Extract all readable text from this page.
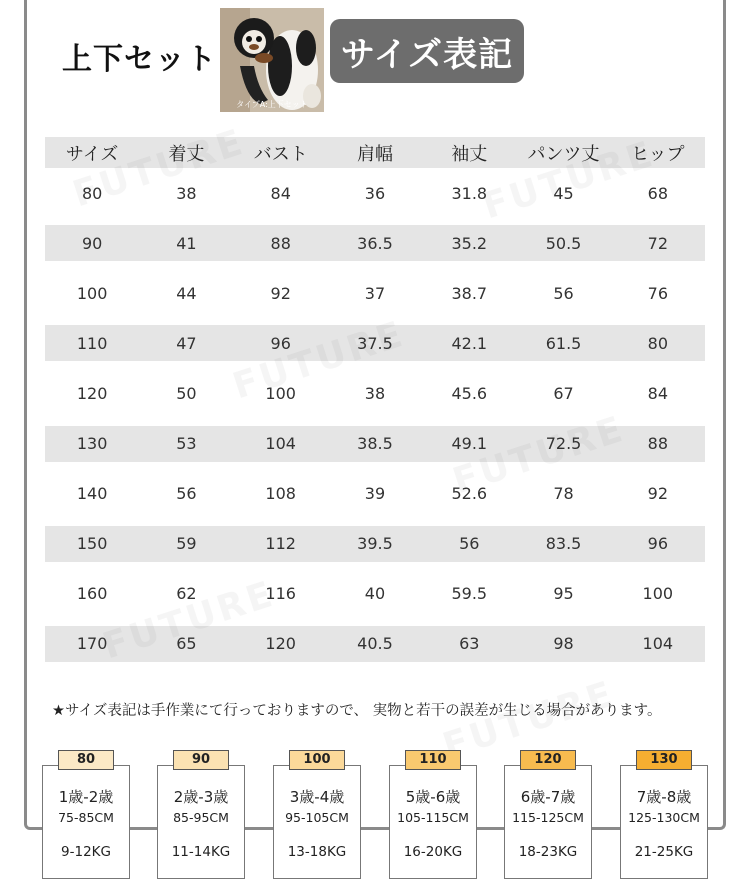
上下セット
タイプA:上下セット
サイズ表記
サイズ	着丈	バスト	肩幅	袖丈	パンツ丈	ヒップ
80	38	84	36	31.8	45	68
90	41	88	36.5	35.2	50.5	72
100	44	92	37	38.7	56	76
110	47	96	37.5	42.1	61.5	80
120	50	100	38	45.6	67	84
130	53	104	38.5	49.1	72.5	88
140	56	108	39	52.6	78	92
150	59	112	39.5	56	83.5	96
160	62	116	40	59.5	95	100
170	65	120	40.5	63	98	104
★サイズ表記は手作業にて行っておりますので、 実物と若干の誤差が生じる場合があります。
80
1歳-2歳
75-85CM
9-12KG
90
2歳-3歳
85-95CM
11-14KG
100
3歳-4歳
95-105CM
13-18KG
110
5歳-6歳
105-115CM
16-20KG
120
6歳-7歳
115-125CM
18-23KG
130
7歳-8歳
125-130CM
21-25KG
